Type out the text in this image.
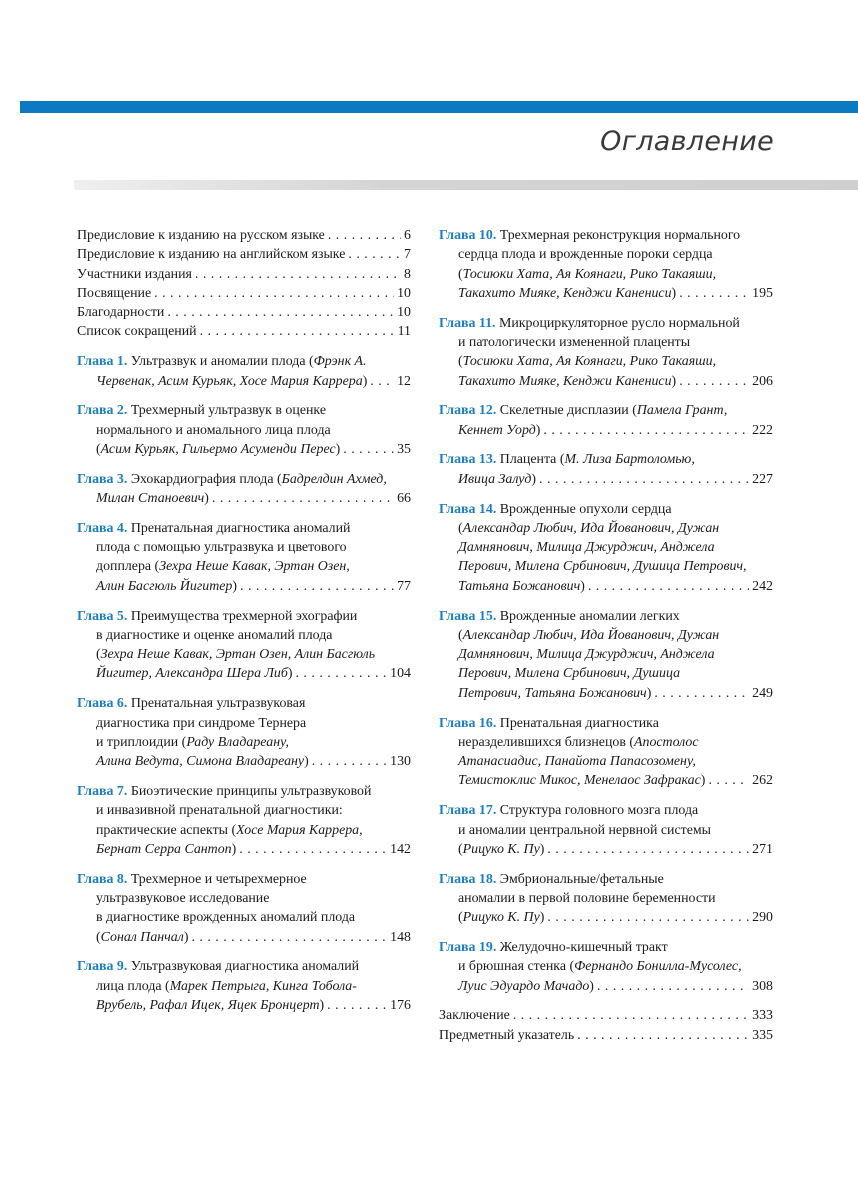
Оглавление
Предисловие к изданию на русском языке . . .	6
Предисловие к изданию на английском языке . . .	7
Участники издания . . .	8
Посвящение . . .	10
Благодарности . . .	10
Список сокращений . . .	11
Глава 1. Ультразвук и аномалии плода (Фрэнк А.
Червенак, Асим Курьяк, Хосе Мария Каррера) . . . 12
Глава 2. Трехмерный ультразвук в оценке
нормального и аномального лица плода
(Асим Курьяк, Гильермо Асуменди Перес) . . .	35
Глава 3. Эхокардиография плода (Бадрелдин Ахмед,
Милан Станоевич) . . .	66
Глава 4. Пренатальная диагностика аномалий
плода с помощью ультразвука и цветового
допплера (Зехра Неше Кавак, Эртан Озен,
Алин Басгюль Йигитер) . . .	77
Глава 5. Преимущества трехмерной эхографии
в диагностике и оценке аномалий плода
(Зехра Неше Кавак, Эртан Озен, Алин Басгюль
Йигитер, Александра Шера Либ) . . .	104
Глава 6. Пренатальная ультразвуковая
диагностика при синдроме Тернера
и триплоидии (Раду Владареану,
Алина Ведута, Симона Владареану) . . .	130
Глава 7. Биоэтические принципы ультразвуковой
и инвазивной пренатальной диагностики:
практические аспекты (Хосе Мария Каррера,
Бернат Серра Сантоп) . . .	142
Глава 8. Трехмерное и четырехмерное
ультразвуковое исследование
в диагностике врожденных аномалий плода
(Сонал Панчал) . . .	148
Глава 9. Ультразвуковая диагностика аномалий
лица плода (Марек Петрыга, Кинга Тобола-
Врубель, Рафал Ицек, Яцек Бронцерт) . . .	176
Глава 10. Трехмерная реконструкция нормального
сердца плода и врожденные пороки сердца
(Тосиюки Хата, Ая Коянаги, Рико Такаяши,
Такахито Мияке, Кенджи Канениси) . . .	195
Глава 11. Микроциркуляторное русло нормальной
и патологически измененной плаценты
(Тосиюки Хата, Ая Коянаги, Рико Такаяши,
Такахито Мияке, Кенджи Канениси) . . .	206
Глава 12. Скелетные дисплазии (Памела Грант,
Кеннет Уорд) . . .	222
Глава 13. Плацента (М. Лиза Бартоломью,
Ивица Залуд) . . .	227
Глава 14. Врожденные опухоли сердца
(Александар Любич, Ида Йованович, Дужан
Дамнянович, Милица Джурджич, Анджела
Перович, Милена Србинович, Душица Петрович,
Татьяна Божанович) . . .	242
Глава 15. Врожденные аномалии легких
(Александар Любич, Ида Йованович, Дужан
Дамнянович, Милица Джурджич, Анджела
Перович, Милена Србинович, Душица
Петрович, Татьяна Божанович) . . .	249
Глава 16. Пренатальная диагностика
неразделившихся близнецов (Апостолос
Атанасиадис, Панайота Папасозомену,
Темистоклис Микос, Менелаос Зафракас) . . .	262
Глава 17. Структура головного мозга плода
и аномалии центральной нервной системы
(Рицуко К. Пу) . . .	271
Глава 18. Эмбриональные/фетальные
аномалии в первой половине беременности
(Рицуко К. Пу) . . .	290
Глава 19. Желудочно-кишечный тракт
и брюшная стенка (Фернандо Бонилла-Мусолес,
Луис Эдуардо Мачадо) . . .	308
Заключение . . .	333
Предметный указатель . . .	335
